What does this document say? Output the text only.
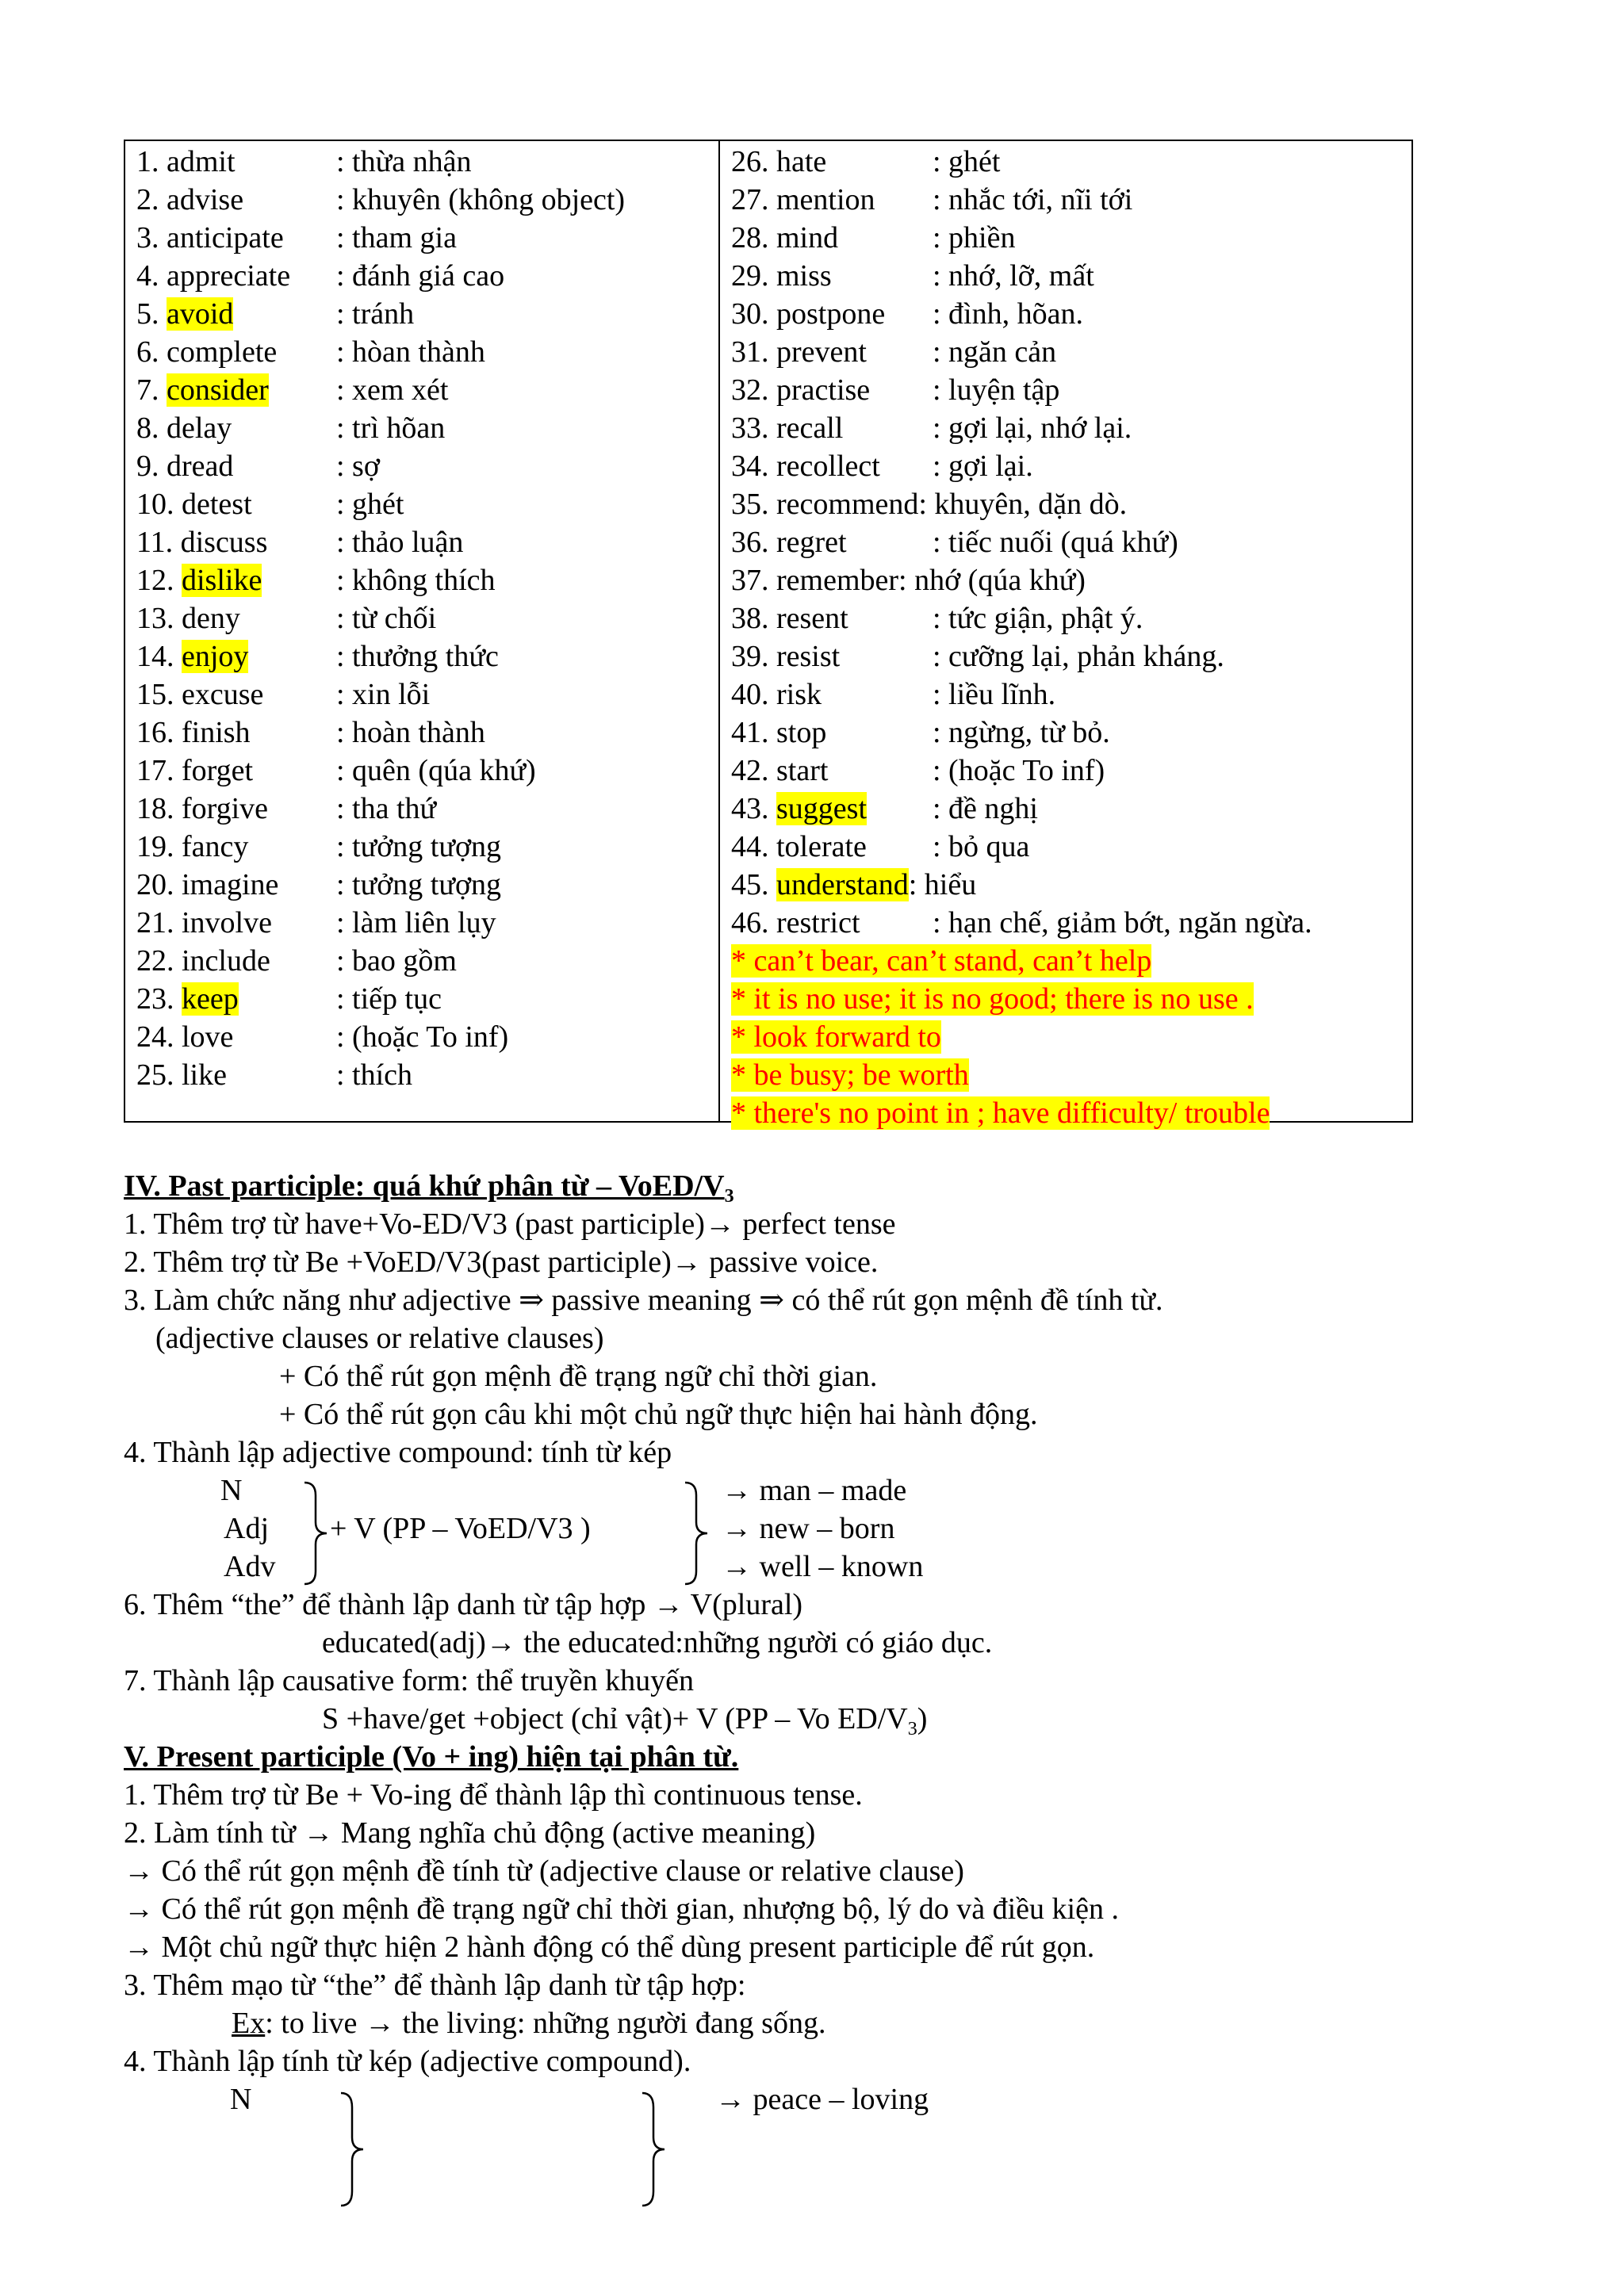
1. admit	: thừa nhận
2. advise	: khuyên (không object)
3. anticipate : tham gia
4. appreciate : đánh giá cao
5. avoid	: tránh
6. complete : hòan thành
7. consider : xem xét
8. delay	: trì hõan
9. dread	: sợ
10. detest	: ghét
11. discuss : thảo luận
12. dislike : không thích
13. deny	: từ chối
14. enjoy	: thưởng thức
15. excuse : xin lỗi
16. finish	: hoàn thành
17. forget	: quên (qúa khứ)
18. forgive : tha thứ
19. fancy	: tưởng tượng
20. imagine : tưởng tượng
21. involve : làm liên lụy
22. include : bao gồm
23. keep	: tiếp tục
24. love	: (hoặc To inf)
25. like	: thích
26. hate	: ghét
27. mention : nhắc tới, nĩi tới
28. mind	: phiền
29. miss	: nhớ, lỡ, mất
30. postpone : đình, hõan.
31. prevent : ngăn cản
32. practise : luyện tập
33. recall	: gợi lại, nhớ lại.
34. recollect : gợi lại.
35. recommend: khuyên, dặn dò.
36. regret	: tiếc nuối (quá khứ)
37. remember: nhớ (qúa khứ)
38. resent	: tức giận, phật ý.
39. resist	: cưỡng lại, phản kháng.
40. risk	: liều lĩnh.
41. stop	: ngừng, từ bỏ.
42. start	: (hoặc To inf)
43. suggest : đề nghị
44. tolerate : bỏ qua
45. understand: hiểu
46. restrict : hạn chế, giảm bớt, ngăn ngừa.
* can’t bear, can’t stand, can’t help
* it is no use; it is no good; there is no use .
* look forward to
* be busy; be worth
* there's no point in ; have difficulty/ trouble
IV. Past participle: quá khứ phân từ – VoED/$V_3$
1. Thêm trợ từ have+Vo-ED/V3 (past participle)→ perfect tense
2. Thêm trợ từ Be +VoED/V3(past participle)→ passive voice.
3. Làm chức năng như adjective ⇒ passive meaning ⇒ có thể rút gọn mệnh đề tính từ.
(adjective clauses or relative clauses)
+ Có thể rút gọn mệnh đề trạng ngữ chỉ thời gian.
+ Có thể rút gọn câu khi một chủ ngữ thực hiện hai hành động.
4. Thành lập adjective compound: tính từ kép
N
Adj
Adv
+ V (PP – VoED/V3 )
→ man – made
→ new – born
→ well – known
6. Thêm “the” để thành lập danh từ tập hợp → V(plural)
educated(adj)→ the educated:những người có giáo dục.
7. Thành lập causative form: thể truyền khuyến
S +have/get +object (chỉ vật)+ V (PP – Vo $ED/V_3$)
V. Present participle (Vo + ing) hiện tại phân từ.
1. Thêm trợ từ Be + Vo-ing để thành lập thì continuous tense.
2. Làm tính từ → Mang nghĩa chủ động (active meaning)
→ Có thể rút gọn mệnh đề tính từ (adjective clause or relative clause)
→ Có thể rút gọn mệnh đề trạng ngữ chỉ thời gian, nhượng bộ, lý do và điều kiện .
→ Một chủ ngữ thực hiện 2 hành động có thể dùng present participle để rút gọn.
3. Thêm mạo từ “the” để thành lập danh từ tập hợp:
Ex: to live → the living: những người đang sống.
4. Thành lập tính từ kép (adjective compound).
N	→ peace – loving
